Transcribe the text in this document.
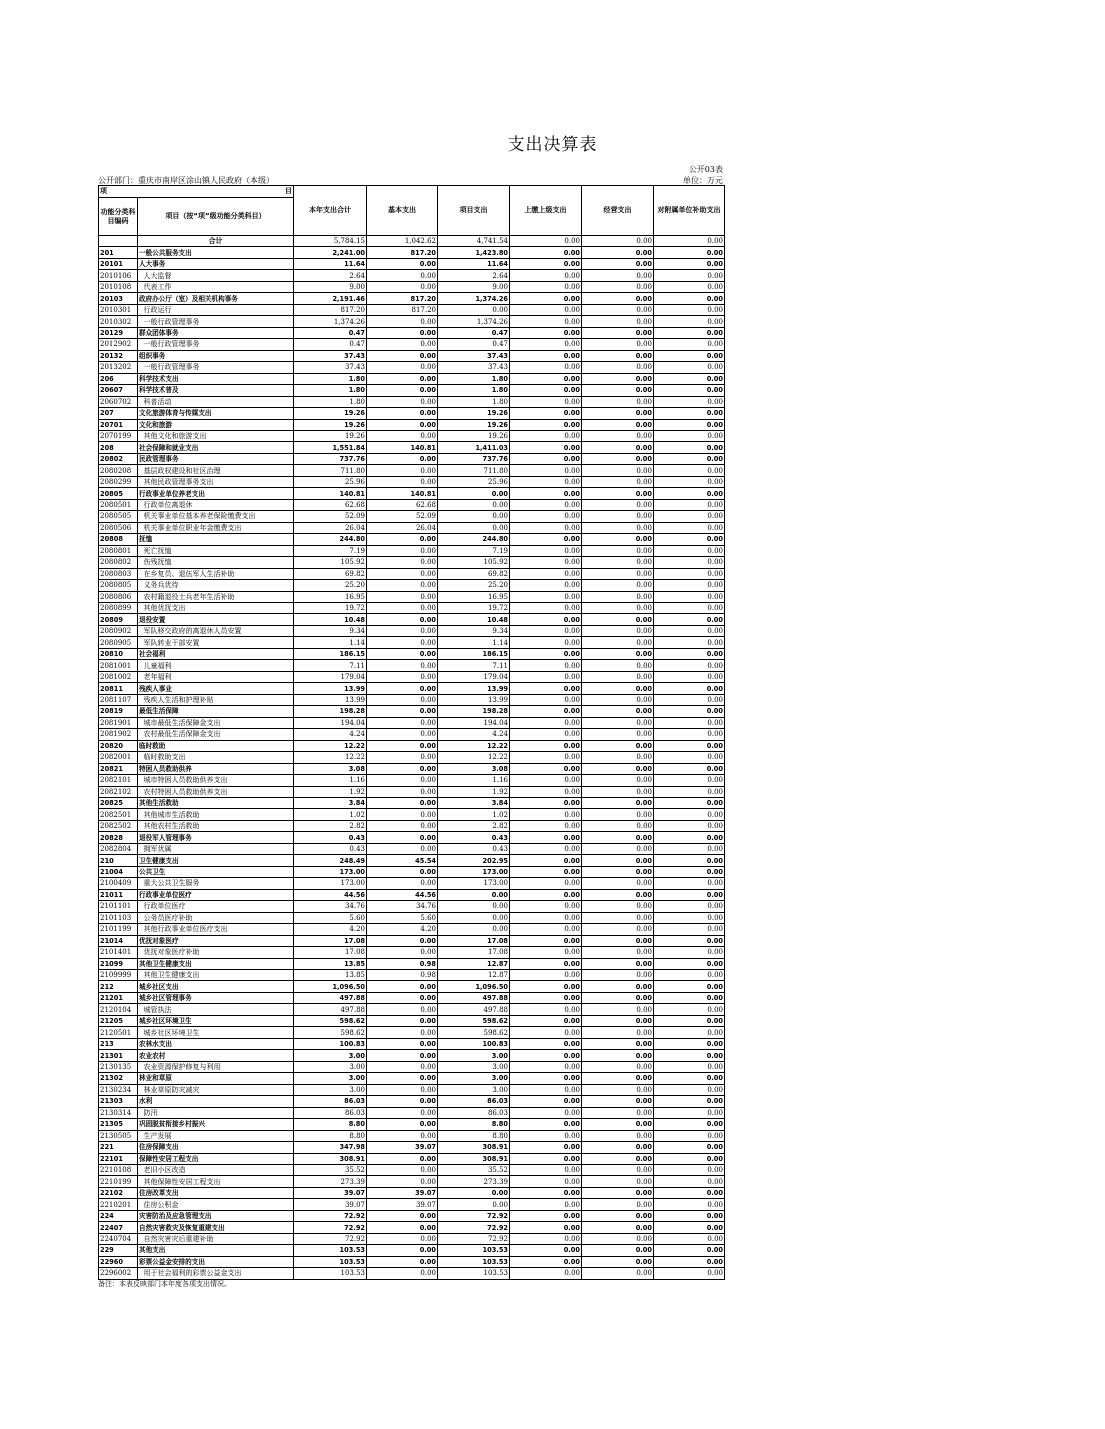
支出决算表
公开03表
公开部门：重庆市南岸区涂山镇人民政府（本级）	单位：万元
项 目		本年支出合计	基本支出	项目支出	上缴上级支出	经营支出	对附属单位补助支出
功能分类科目编码	项目（按“项”级功能分类科目）						
	合计	5,784.15	1,042.62	4,741.54	0.00	0.00	0.00
201	一般公共服务支出	2,241.00	817.20	1,423.80	0.00	0.00	0.00
20101	人大事务	11.64	0.00	11.64	0.00	0.00	0.00
2010106	人大监督	2.64	0.00	2.64	0.00	0.00	0.00
2010108	代表工作	9.00	0.00	9.00	0.00	0.00	0.00
20103	政府办公厅（室）及相关机构事务	2,191.46	817.20	1,374.26	0.00	0.00	0.00
2010301	行政运行	817.20	817.20	0.00	0.00	0.00	0.00
2010302	一般行政管理事务	1,374.26	0.00	1,374.26	0.00	0.00	0.00
20129	群众团体事务	0.47	0.00	0.47	0.00	0.00	0.00
2012902	一般行政管理事务	0.47	0.00	0.47	0.00	0.00	0.00
20132	组织事务	37.43	0.00	37.43	0.00	0.00	0.00
2013202	一般行政管理事务	37.43	0.00	37.43	0.00	0.00	0.00
206	科学技术支出	1.80	0.00	1.80	0.00	0.00	0.00
20607	科学技术普及	1.80	0.00	1.80	0.00	0.00	0.00
2060702	科普活动	1.80	0.00	1.80	0.00	0.00	0.00
207	文化旅游体育与传媒支出	19.26	0.00	19.26	0.00	0.00	0.00
20701	文化和旅游	19.26	0.00	19.26	0.00	0.00	0.00
2070199	其他文化和旅游支出	19.26	0.00	19.26	0.00	0.00	0.00
208	社会保障和就业支出	1,551.84	140.81	1,411.03	0.00	0.00	0.00
20802	民政管理事务	737.76	0.00	737.76	0.00	0.00	0.00
2080208	基层政权建设和社区治理	711.80	0.00	711.80	0.00	0.00	0.00
2080299	其他民政管理事务支出	25.96	0.00	25.96	0.00	0.00	0.00
20805	行政事业单位养老支出	140.81	140.81	0.00	0.00	0.00	0.00
2080501	行政单位离退休	62.68	62.68	0.00	0.00	0.00	0.00
2080505	机关事业单位基本养老保险缴费支出	52.09	52.09	0.00	0.00	0.00	0.00
2080506	机关事业单位职业年金缴费支出	26.04	26.04	0.00	0.00	0.00	0.00
20808	抚恤	244.80	0.00	244.80	0.00	0.00	0.00
2080801	死亡抚恤	7.19	0.00	7.19	0.00	0.00	0.00
2080802	伤残抚恤	105.92	0.00	105.92	0.00	0.00	0.00
2080803	在乡复员、退伍军人生活补助	69.82	0.00	69.82	0.00	0.00	0.00
2080805	义务兵优待	25.20	0.00	25.20	0.00	0.00	0.00
2080806	农村籍退役士兵老年生活补助	16.95	0.00	16.95	0.00	0.00	0.00
2080899	其他优抚支出	19.72	0.00	19.72	0.00	0.00	0.00
20809	退役安置	10.48	0.00	10.48	0.00	0.00	0.00
2080902	军队移交政府的离退休人员安置	9.34	0.00	9.34	0.00	0.00	0.00
2080905	军队转业干部安置	1.14	0.00	1.14	0.00	0.00	0.00
20810	社会福利	186.15	0.00	186.15	0.00	0.00	0.00
2081001	儿童福利	7.11	0.00	7.11	0.00	0.00	0.00
2081002	老年福利	179.04	0.00	179.04	0.00	0.00	0.00
20811	残疾人事业	13.99	0.00	13.99	0.00	0.00	0.00
2081107	残疾人生活和护理补贴	13.99	0.00	13.99	0.00	0.00	0.00
20819	最低生活保障	198.28	0.00	198.28	0.00	0.00	0.00
2081901	城市最低生活保障金支出	194.04	0.00	194.04	0.00	0.00	0.00
2081902	农村最低生活保障金支出	4.24	0.00	4.24	0.00	0.00	0.00
20820	临时救助	12.22	0.00	12.22	0.00	0.00	0.00
2082001	临时救助支出	12.22	0.00	12.22	0.00	0.00	0.00
20821	特困人员救助供养	3.08	0.00	3.08	0.00	0.00	0.00
2082101	城市特困人员救助供养支出	1.16	0.00	1.16	0.00	0.00	0.00
2082102	农村特困人员救助供养支出	1.92	0.00	1.92	0.00	0.00	0.00
20825	其他生活救助	3.84	0.00	3.84	0.00	0.00	0.00
2082501	其他城市生活救助	1.02	0.00	1.02	0.00	0.00	0.00
2082502	其他农村生活救助	2.82	0.00	2.82	0.00	0.00	0.00
20828	退役军人管理事务	0.43	0.00	0.43	0.00	0.00	0.00
2082804	拥军优属	0.43	0.00	0.43	0.00	0.00	0.00
210	卫生健康支出	248.49	45.54	202.95	0.00	0.00	0.00
21004	公共卫生	173.00	0.00	173.00	0.00	0.00	0.00
2100409	重大公共卫生服务	173.00	0.00	173.00	0.00	0.00	0.00
21011	行政事业单位医疗	44.56	44.56	0.00	0.00	0.00	0.00
2101101	行政单位医疗	34.76	34.76	0.00	0.00	0.00	0.00
2101103	公务员医疗补助	5.60	5.60	0.00	0.00	0.00	0.00
2101199	其他行政事业单位医疗支出	4.20	4.20	0.00	0.00	0.00	0.00
21014	优抚对象医疗	17.08	0.00	17.08	0.00	0.00	0.00
2101401	优抚对象医疗补助	17.08	0.00	17.08	0.00	0.00	0.00
21099	其他卫生健康支出	13.85	0.98	12.87	0.00	0.00	0.00
2109999	其他卫生健康支出	13.85	0.98	12.87	0.00	0.00	0.00
212	城乡社区支出	1,096.50	0.00	1,096.50	0.00	0.00	0.00
21201	城乡社区管理事务	497.88	0.00	497.88	0.00	0.00	0.00
2120104	城管执法	497.88	0.00	497.88	0.00	0.00	0.00
21205	城乡社区环境卫生	598.62	0.00	598.62	0.00	0.00	0.00
2120501	城乡社区环境卫生	598.62	0.00	598.62	0.00	0.00	0.00
213	农林水支出	100.83	0.00	100.83	0.00	0.00	0.00
21301	农业农村	3.00	0.00	3.00	0.00	0.00	0.00
2130135	农业资源保护修复与利用	3.00	0.00	3.00	0.00	0.00	0.00
21302	林业和草原	3.00	0.00	3.00	0.00	0.00	0.00
2130234	林业草原防灾减灾	3.00	0.00	3.00	0.00	0.00	0.00
21303	水利	86.03	0.00	86.03	0.00	0.00	0.00
2130314	防汛	86.03	0.00	86.03	0.00	0.00	0.00
21305	巩固脱贫衔接乡村振兴	8.80	0.00	8.80	0.00	0.00	0.00
2130505	生产发展	8.80	0.00	8.80	0.00	0.00	0.00
221	住房保障支出	347.98	39.07	308.91	0.00	0.00	0.00
22101	保障性安居工程支出	308.91	0.00	308.91	0.00	0.00	0.00
2210108	老旧小区改造	35.52	0.00	35.52	0.00	0.00	0.00
2210199	其他保障性安居工程支出	273.39	0.00	273.39	0.00	0.00	0.00
22102	住房改革支出	39.07	39.07	0.00	0.00	0.00	0.00
2210201	住房公积金	39.07	39.07	0.00	0.00	0.00	0.00
224	灾害防治及应急管理支出	72.92	0.00	72.92	0.00	0.00	0.00
22407	自然灾害救灾及恢复重建支出	72.92	0.00	72.92	0.00	0.00	0.00
2240704	自然灾害灾后重建补助	72.92	0.00	72.92	0.00	0.00	0.00
229	其他支出	103.53	0.00	103.53	0.00	0.00	0.00
22960	彩票公益金安排的支出	103.53	0.00	103.53	0.00	0.00	0.00
2296002	用于社会福利的彩票公益金支出	103.53	0.00	103.53	0.00	0.00	0.00
备注：本表反映部门本年度各项支出情况。
